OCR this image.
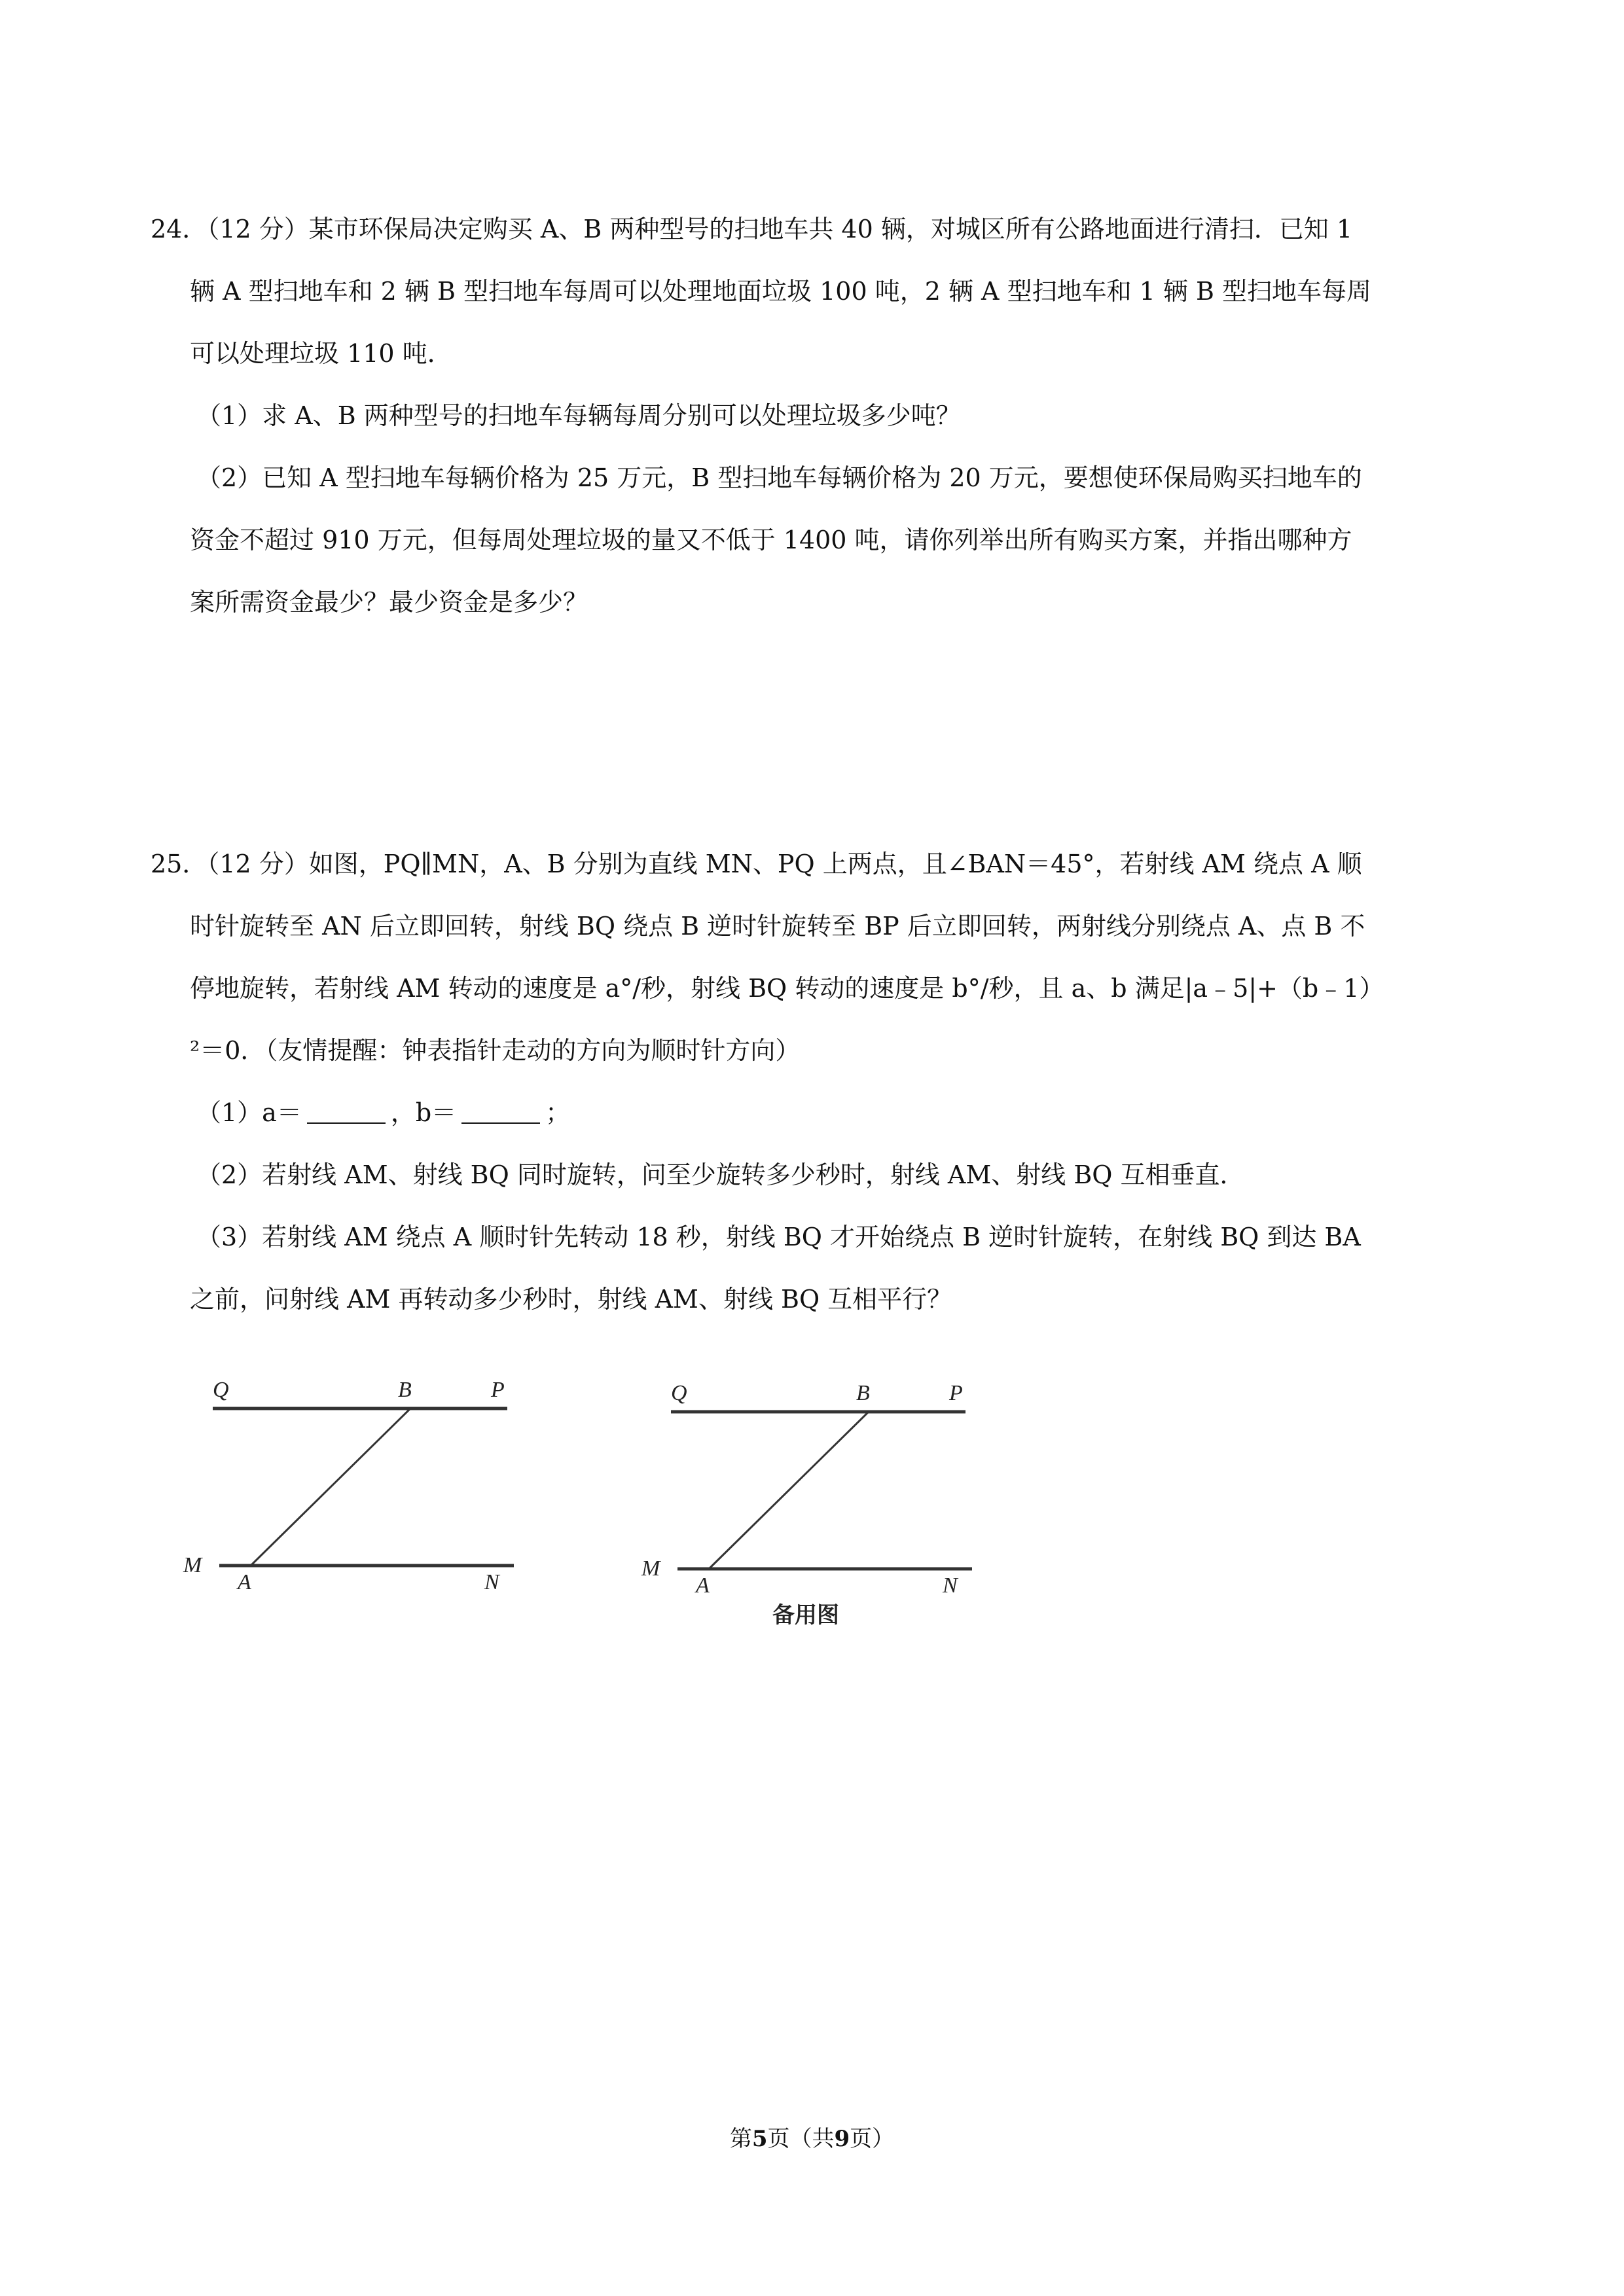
24．（12 分）某市环保局决定购买 A、B 两种型号的扫地车共 40 辆，对城区所有公路地面进行清扫．已知 1
辆 A 型扫地车和 2 辆 B 型扫地车每周可以处理地面垃圾 100 吨，2 辆 A 型扫地车和 1 辆 B 型扫地车每周
可以处理垃圾 110 吨．
（1）求 A、B 两种型号的扫地车每辆每周分别可以处理垃圾多少吨？
（2）已知 A 型扫地车每辆价格为 25 万元，B 型扫地车每辆价格为 20 万元，要想使环保局购买扫地车的
资金不超过 910 万元，但每周处理垃圾的量又不低于 1400 吨，请你列举出所有购买方案，并指出哪种方
案所需资金最少？最少资金是多少？
25．（12 分）如图，PQ∥MN，A、B 分别为直线 MN、PQ 上两点，且∠BAN＝45°，若射线 AM 绕点 A 顺
时针旋转至 AN 后立即回转，射线 BQ 绕点 B 逆时针旋转至 BP 后立即回转，两射线分别绕点 A、点 B 不
停地旋转，若射线 AM 转动的速度是 a°/秒，射线 BQ 转动的速度是 b°/秒，且 a、b 满足|a﹣5|+（b﹣1）
²＝0．（友情提醒：钟表指针走动的方向为顺时针方向）
（1）a＝	，b＝	；
（2）若射线 AM、射线 BQ 同时旋转，问至少旋转多少秒时，射线 AM、射线 BQ 互相垂直．
（3）若射线 AM 绕点 A 顺时针先转动 18 秒，射线 BQ 才开始绕点 B 逆时针旋转，在射线 BQ 到达 BA
之前，问射线 AM 再转动多少秒时，射线 AM、射线 BQ 互相平行？
Q	B	P
M
A	N
Q	B	P
M
A	N
备用图
第5页（共9页）
